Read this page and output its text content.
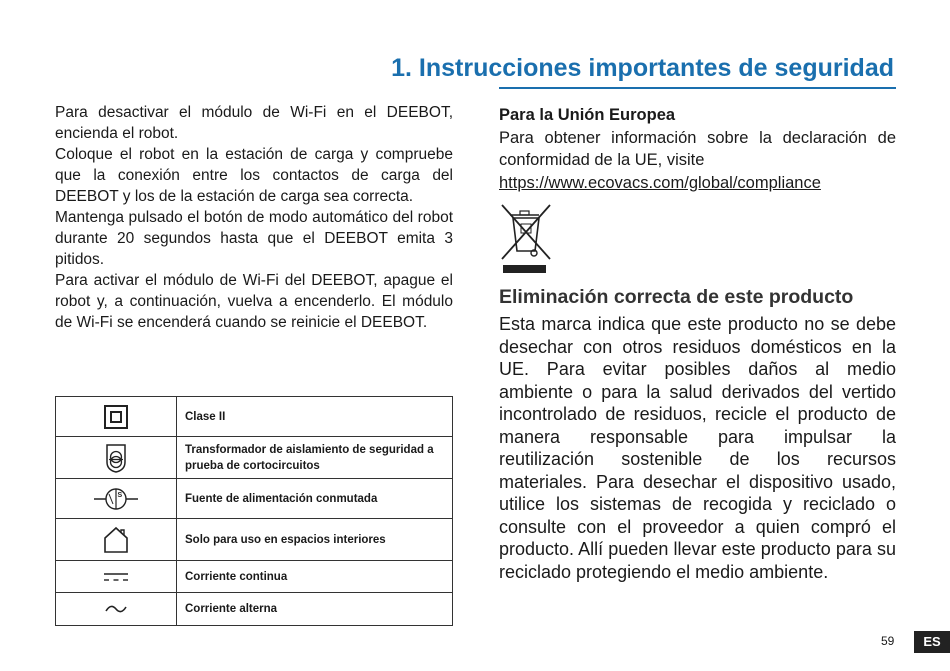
1. Instrucciones importantes de seguridad

Para desactivar el módulo de Wi-Fi en el DEEBOT, encienda el robot.

Coloque el robot en la estación de carga y compruebe que la conexión entre los contactos de carga del DEEBOT y los de la estación de carga sea correcta.

Mantenga pulsado el botón de modo automático del robot durante 20 segundos hasta que el DEEBOT emita 3 pitidos.

Para activar el módulo de Wi-Fi del DEEBOT, apague el robot y, a continuación, vuelva a encenderlo. El módulo de Wi-Fi se encenderá cuando se reinicie el DEEBOT.

	Clase II

	Transformador de aislamiento de seguridad a prueba de cortocircuitos

S	Fuente de alimentación conmutada

	Solo para uso en espacios interiores

	Corriente continua

	Corriente alterna

Para la Unión Europea

Para obtener información sobre la declaración de conformidad de la UE, visite

https://www.ecovacs.com/global/compliance

Eliminación correcta de este producto

Esta marca indica que este producto no se debe desechar con otros residuos domésticos en la UE. Para evitar posibles daños al medio ambiente o para la salud derivados del vertido incontrolado de residuos, recicle el producto de manera responsable para impulsar la reutilización sostenible de los recursos materiales. Para desechar el dispositivo usado, utilice los sistemas de recogida y reciclado o consulte con el proveedor a quien compró el producto. Allí pueden llevar este producto para su reciclado protegiendo el medio ambiente.

59	ES
